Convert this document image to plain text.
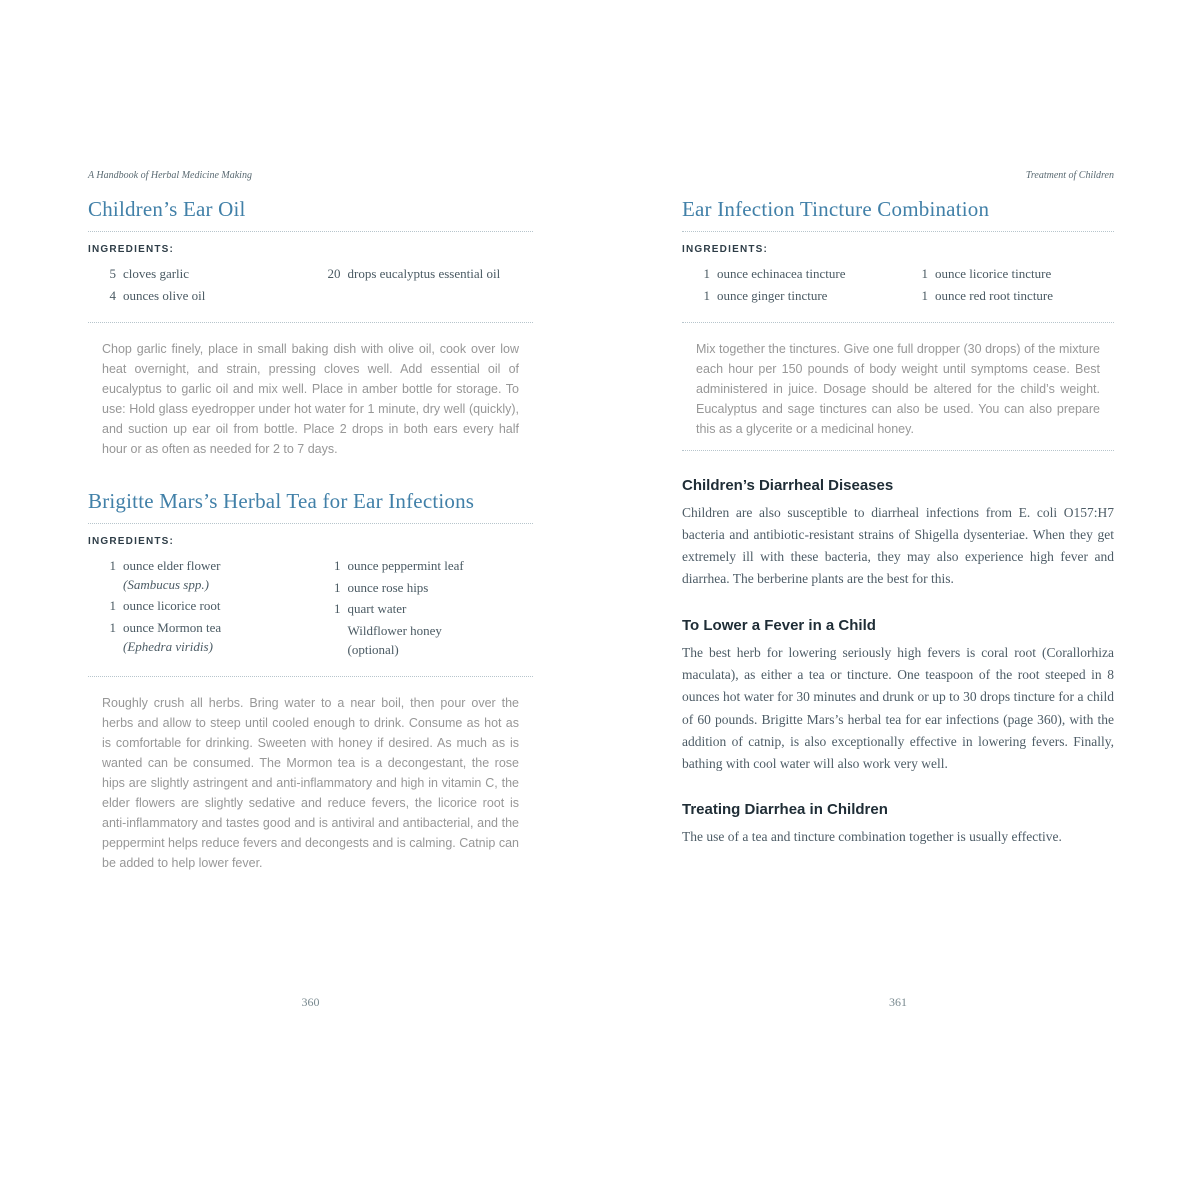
A Handbook of Herbal Medicine Making
Children’s Ear Oil
INGREDIENTS:
5 cloves garlic
4 ounces olive oil
20 drops eucalyptus essential oil

Chop garlic finely, place in small baking dish with olive oil, cook over low heat overnight, and strain, pressing cloves well. Add essential oil of eucalyptus to garlic oil and mix well. Place in amber bottle for storage. To use: Hold glass eyedropper under hot water for 1 minute, dry well (quickly), and suction up ear oil from bottle. Place 2 drops in both ears every half hour or as often as needed for 2 to 7 days.

Brigitte Mars’s Herbal Tea for Ear Infections
INGREDIENTS:
1 ounce elder flower
(Sambucus spp.)
1 ounce licorice root
1 ounce Mormon tea
(Ephedra viridis)
1 ounce peppermint leaf
1 ounce rose hips
1 quart water
Wildflower honey
(optional)

Roughly crush all herbs. Bring water to a near boil, then pour over the herbs and allow to steep until cooled enough to drink. Consume as hot as is comfortable for drinking. Sweeten with honey if desired. As much as is wanted can be consumed. The Mormon tea is a decongestant, the rose hips are slightly astringent and anti-inflammatory and high in vitamin C, the elder flowers are slightly sedative and reduce fevers, the licorice root is anti-inflammatory and tastes good and is antiviral and antibacterial, and the peppermint helps reduce fevers and decongests and is calming. Catnip can be added to help lower fever.

Treatment of Children
Ear Infection Tincture Combination
INGREDIENTS:
1 ounce echinacea tincture
1 ounce ginger tincture
1 ounce licorice tincture
1 ounce red root tincture

Mix together the tinctures. Give one full dropper (30 drops) of the mixture each hour per 150 pounds of body weight until symptoms cease. Best administered in juice. Dosage should be altered for the child’s weight. Eucalyptus and sage tinctures can also be used. You can also prepare this as a glycerite or a medicinal honey.

Children’s Diarrheal Diseases

Children are also susceptible to diarrheal infections from E. coli O157:H7 bacteria and antibiotic-resistant strains of Shigella dysenteriae. When they get extremely ill with these bacteria, they may also experience high fever and diarrhea. The berberine plants are the best for this.

To Lower a Fever in a Child

The best herb for lowering seriously high fevers is coral root (Corallorhiza maculata), as either a tea or tincture. One teaspoon of the root steeped in 8 ounces hot water for 30 minutes and drunk or up to 30 drops tincture for a child of 60 pounds. Brigitte Mars’s herbal tea for ear infections (page 360), with the addition of catnip, is also exceptionally effective in lowering fevers. Finally, bathing with cool water will also work very well.

Treating Diarrhea in Children

The use of a tea and tincture combination together is usually effective.

360	361
